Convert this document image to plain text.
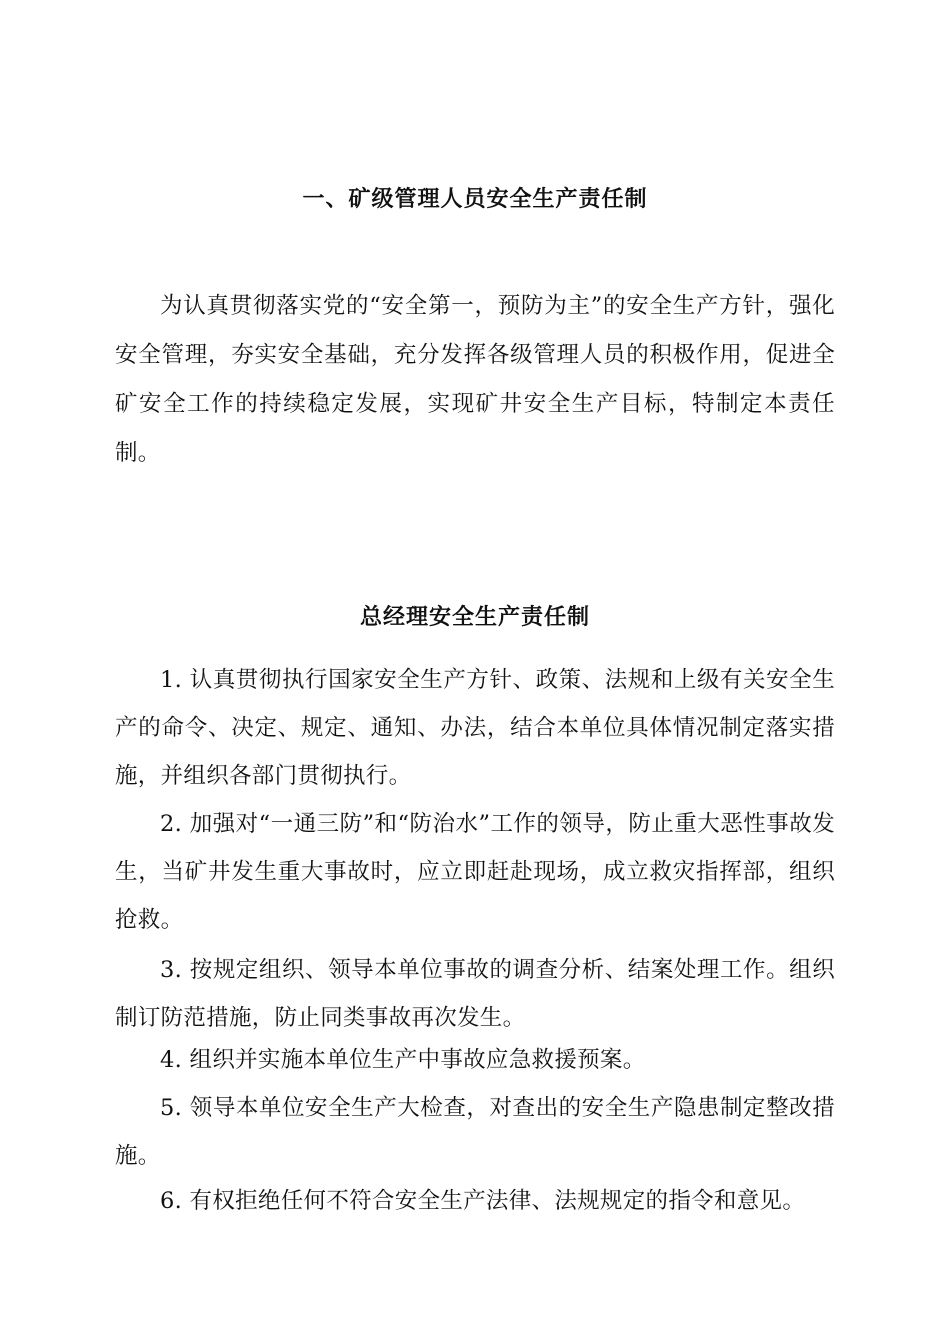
一、矿级管理人员安全生产责任制

为认真贯彻落实党的“安全第一，预防为主”的安全生产方针，强化安全管理，夯实安全基础，充分发挥各级管理人员的积极作用，促进全矿安全工作的持续稳定发展，实现矿井安全生产目标，特制定本责任制。

总经理安全生产责任制

1. 认真贯彻执行国家安全生产方针、政策、法规和上级有关安全生产的命令、决定、规定、通知、办法，结合本单位具体情况制定落实措施，并组织各部门贯彻执行。

2. 加强对“一通三防”和“防治水”工作的领导，防止重大恶性事故发生，当矿井发生重大事故时，应立即赶赴现场，成立救灾指挥部，组织抢救。

3. 按规定组织、领导本单位事故的调查分析、结案处理工作。组织制订防范措施，防止同类事故再次发生。

4. 组织并实施本单位生产中事故应急救援预案。

5. 领导本单位安全生产大检查，对查出的安全生产隐患制定整改措施。

6. 有权拒绝任何不符合安全生产法律、法规规定的指令和意见。
